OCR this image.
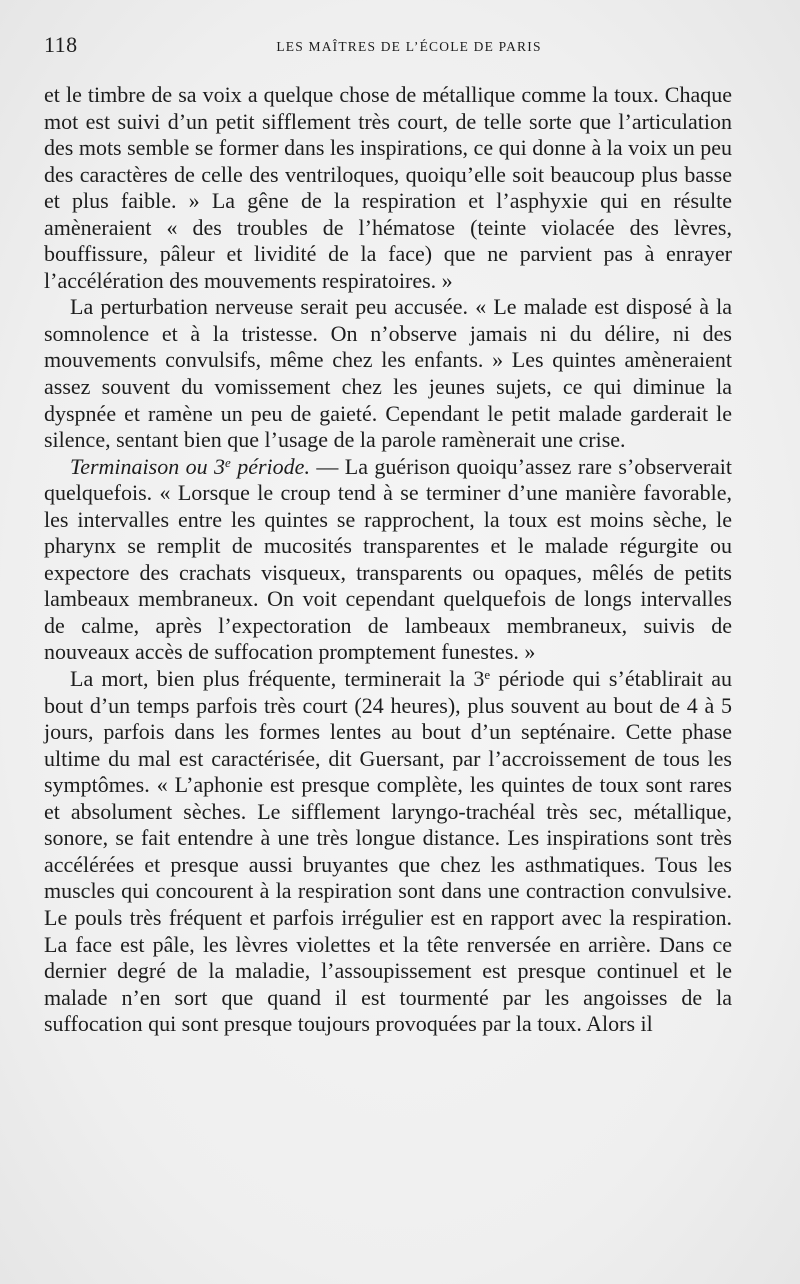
118	LES MAÎTRES DE L’ÉCOLE DE PARIS

et le timbre de sa voix a quelque chose de métallique comme la toux. Chaque mot est suivi d’un petit sifflement très court, de telle sorte que l’articulation des mots semble se former dans les inspirations, ce qui donne à la voix un peu des caractères de celle des ventriloques, quoiqu’elle soit beaucoup plus basse et plus faible. » La gêne de la respiration et l’asphyxie qui en résulte amèneraient « des troubles de l’hématose (teinte violacée des lèvres, bouffissure, pâleur et lividité de la face) que ne parvient pas à enrayer l’accélération des mouvements respiratoires. »

La perturbation nerveuse serait peu accusée. « Le malade est disposé à la somnolence et à la tristesse. On n’observe jamais ni du délire, ni des mouvements convulsifs, même chez les enfants. » Les quintes amèneraient assez souvent du vomissement chez les jeunes sujets, ce qui diminue la dyspnée et ramène un peu de gaieté. Cependant le petit malade garderait le silence, sentant bien que l’usage de la parole ramènerait une crise.

Terminaison ou 3e période. — La guérison quoiqu’assez rare s’observerait quelquefois. « Lorsque le croup tend à se terminer d’une manière favorable, les intervalles entre les quintes se rapprochent, la toux est moins sèche, le pharynx se remplit de mucosités transparentes et le malade régurgite ou expectore des crachats visqueux, transparents ou opaques, mêlés de petits lambeaux membraneux. On voit cependant quelquefois de longs intervalles de calme, après l’expectoration de lambeaux membraneux, suivis de nouveaux accès de suffocation promptement funestes. »

La mort, bien plus fréquente, terminerait la 3e période qui s’établirait au bout d’un temps parfois très court (24 heures), plus souvent au bout de 4 à 5 jours, parfois dans les formes lentes au bout d’un septénaire. Cette phase ultime du mal est caractérisée, dit Guersant, par l’accroissement de tous les symptômes. « L’aphonie est presque complète, les quintes de toux sont rares et absolument sèches. Le sifflement laryngo-trachéal très sec, métallique, sonore, se fait entendre à une très longue distance. Les inspirations sont très accélérées et presque aussi bruyantes que chez les asthmatiques. Tous les muscles qui concourent à la respiration sont dans une contraction convulsive. Le pouls très fréquent et parfois irrégulier est en rapport avec la respiration. La face est pâle, les lèvres violettes et la tête renversée en arrière. Dans ce dernier degré de la maladie, l’assoupissement est presque continuel et le malade n’en sort que quand il est tourmenté par les angoisses de la suffocation qui sont presque toujours provoquées par la toux. Alors il
